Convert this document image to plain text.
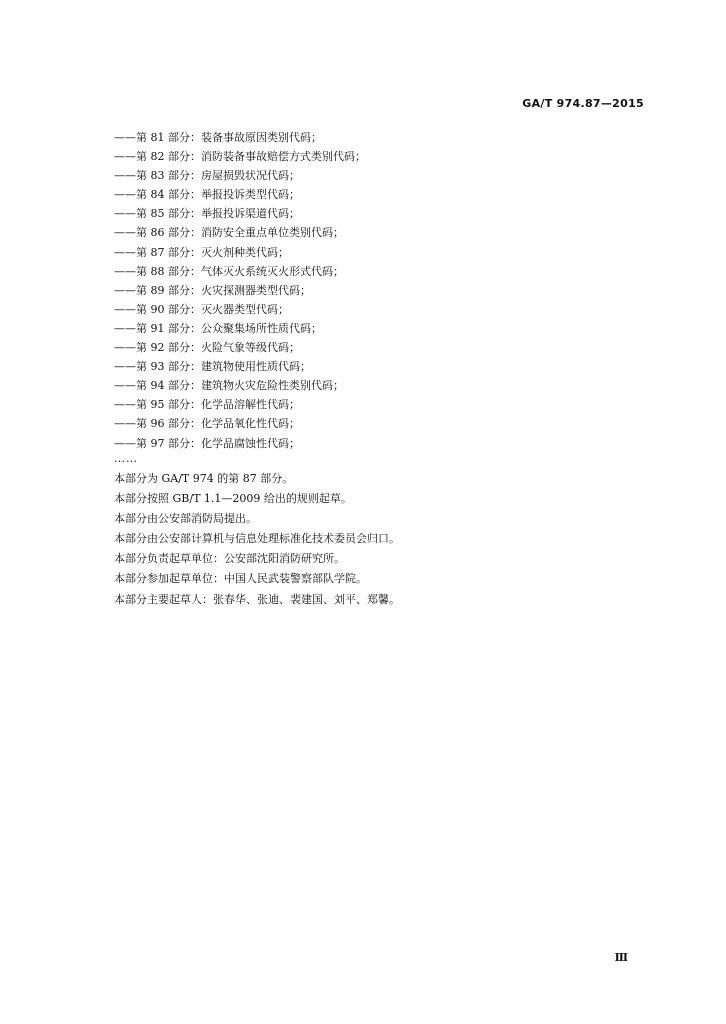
GA/T 974.87—2015
——第 81 部分：装备事故原因类别代码；
——第 82 部分：消防装备事故赔偿方式类别代码；
——第 83 部分：房屋损毁状况代码；
——第 84 部分：举报投诉类型代码；
——第 85 部分：举报投诉渠道代码；
——第 86 部分：消防安全重点单位类别代码；
——第 87 部分：灭火剂种类代码；
——第 88 部分：气体灭火系统灭火形式代码；
——第 89 部分：火灾探测器类型代码；
——第 90 部分：灭火器类型代码；
——第 91 部分：公众聚集场所性质代码；
——第 92 部分：火险气象等级代码；
——第 93 部分：建筑物使用性质代码；
——第 94 部分：建筑物火灾危险性类别代码；
——第 95 部分：化学品溶解性代码；
——第 96 部分：化学品氧化性代码；
——第 97 部分：化学品腐蚀性代码；
……
本部分为 GA/T 974 的第 87 部分。
本部分按照 GB/T 1.1—2009 给出的规则起草。
本部分由公安部消防局提出。
本部分由公安部计算机与信息处理标准化技术委员会归口。
本部分负责起草单位：公安部沈阳消防研究所。
本部分参加起草单位：中国人民武装警察部队学院。
本部分主要起草人：张春华、张迪、裴建国、刘平、郑馨。
Ⅲ
